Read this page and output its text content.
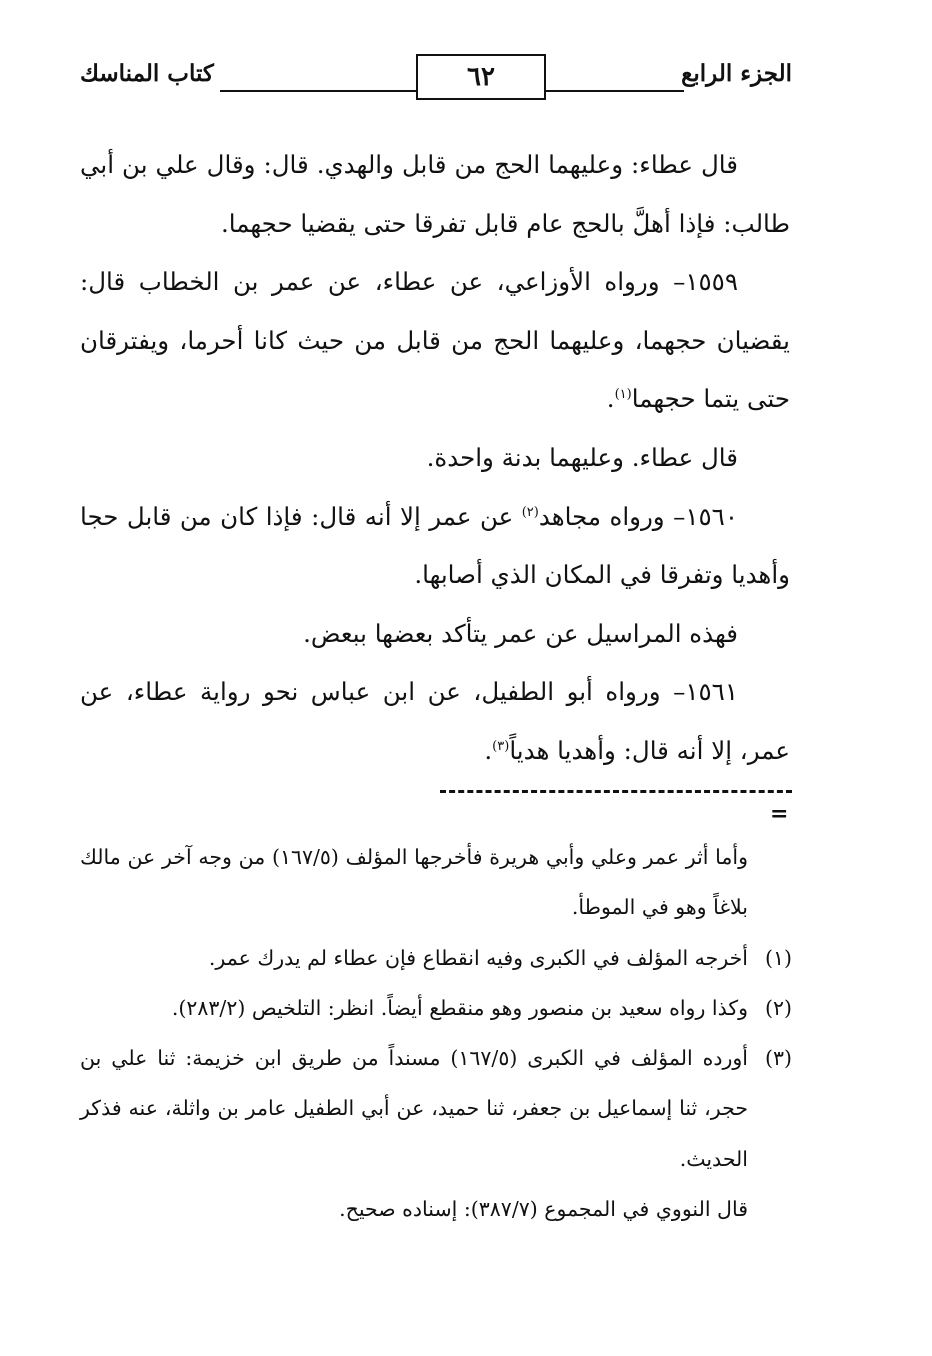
الجزء الرابع
٦٢
كتاب المناسك

قال عطاء: وعليهما الحج من قابل والهدي. قال: وقال علي بن أبي طالب: فإذا أهلَّ بالحج عام قابل تفرقا حتى يقضيا حجهما.

١٥٥٩– ورواه الأوزاعي، عن عطاء، عن عمر بن الخطاب قال: يقضيان حجهما، وعليهما الحج من قابل من حيث كانا أحرما، ويفترقان حتى يتما حجهما$^{(١)}$.

قال عطاء. وعليهما بدنة واحدة.

١٥٦٠– ورواه مجاهد$^{(٢)}$ عن عمر إلا أنه قال: فإذا كان من قابل حجا وأهديا وتفرقا في المكان الذي أصابها.

فهذه المراسيل عن عمر يتأكد بعضها ببعض.

١٥٦١– ورواه أبو الطفيل، عن ابن عباس نحو رواية عطاء، عن عمر، إلا أنه قال: وأهديا هدياً$^{(٣)}$.

=

وأما أثر عمر وعلي وأبي هريرة فأخرجها المؤلف (١٦٧/٥) من وجه آخر عن مالك بلاغاً وهو في الموطأ.

(١)أخرجه المؤلف في الكبرى وفيه انقطاع فإن عطاء لم يدرك عمر.

(٢)وكذا رواه سعيد بن منصور وهو منقطع أيضاً. انظر: التلخيص (٢٨٣/٢).

(٣)أورده المؤلف في الكبرى (١٦٧/٥) مسنداً من طريق ابن خزيمة: ثنا علي بن حجر، ثنا إسماعيل بن جعفر، ثنا حميد، عن أبي الطفيل عامر بن واثلة، عنه فذكر الحديث.

قال النووي في المجموع (٣٨٧/٧): إسناده صحيح.
